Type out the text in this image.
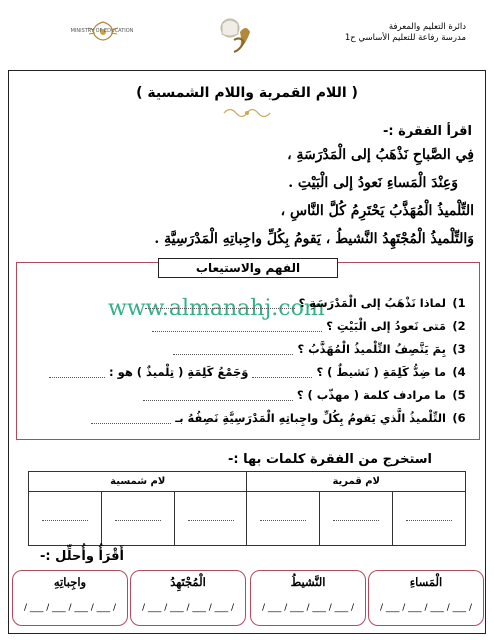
MINISTRY OF EDUCATION	دائرة التعليم والمعرفة
مدرسة رفاعة للتعليم الأساسي ح1
( اللام القمرية واللام الشمسية )
اقرأ الفقرة :-
فِي الصَّباحِ نَذْهَبُ إلى الْمَدْرَسَةِ ،
وَعِنْدَ الْمَساءِ نَعودُ إلى الْبَيْتِ .
التِّلْميذُ الْمُهَذَّبُ يَحْتَرِمُ كُلَّ النَّاسِ ،
وَالتِّلْميذُ الْمُجْتَهِدُ النَّشيطُ ، يَقومُ بِكُلِّ واجِباتِهِ الْمَدْرَسِيَّةِ .
الفهم والاستيعاب
www.almanahj.com	1) لماذا نَذْهَبُ إلى الْمَدْرَسَةِ ؟
2) مَتى نَعودُ إلى الْبَيْتِ ؟
3) بِمَ يَتَّصِفُ التِّلْميذُ الْمُهَذَّبُ ؟
4) ما ضِدُّ كَلِمَةِ ( نَشيطٌ ) ؟  وَجَمْعُ كَلِمَةِ ( تِلْميذٌ ) هو :
5) ما مرادف كلمة ( مهذّب ) ؟
6) التِّلْميذُ الَّذي يَقومُ بِكُلِّ واجِباتِهِ الْمَدْرَسِيَّةِ نَصِفُهُ بـ
استخرج من الفقرة كلمات بها :-
لام شمسية			لام قمرية		

أَقْرَأُ وأُحلِّل :-
الْمَساءِ
/ ___ / ___ / ___ / ___ /
النَّشيطُ
/ ___ / ___ / ___ / ___ /
الْمُجْتَهِدُ
/ ___ / ___ / ___ / ___ /
واجِباتِهِ
/ ___ / ___ / ___ / ___ /
